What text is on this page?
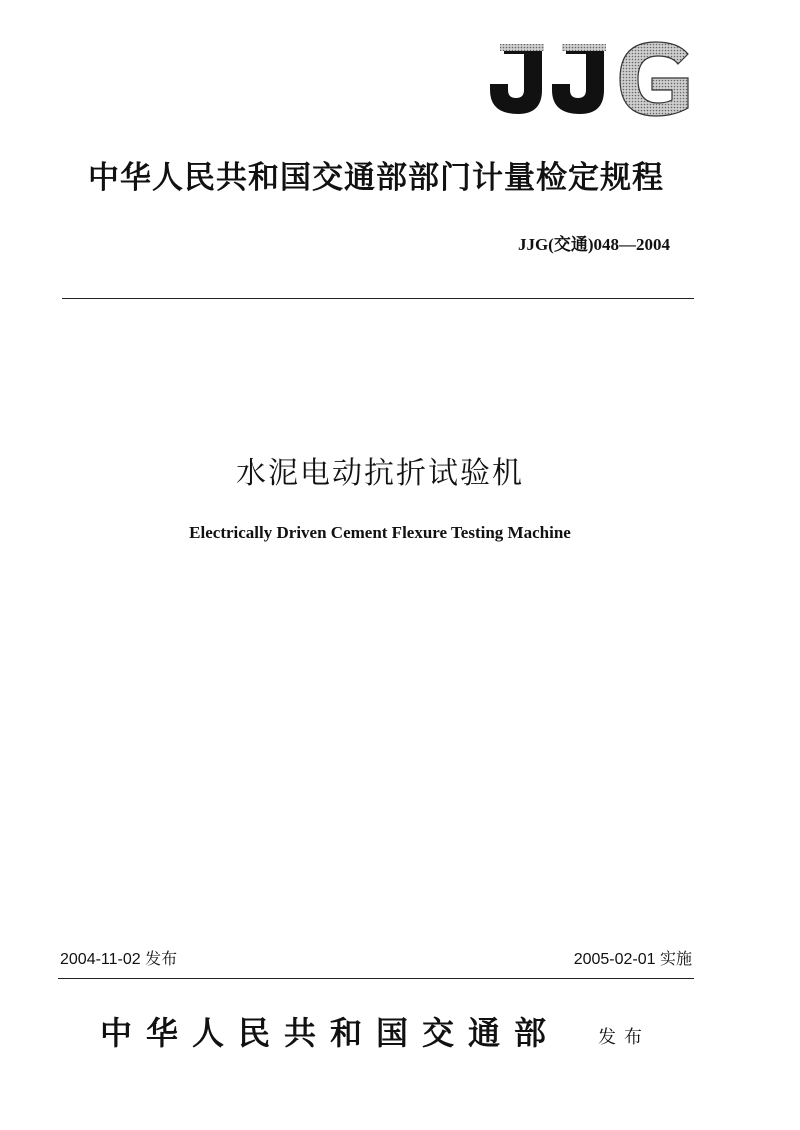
中华人民共和国交通部部门计量检定规程
JJG(交通)048—2004
水泥电动抗折试验机
Electrically Driven Cement Flexure Testing Machine
2004-11-02 发布	2005-02-01 实施
中华人民共和国交通部 发布
